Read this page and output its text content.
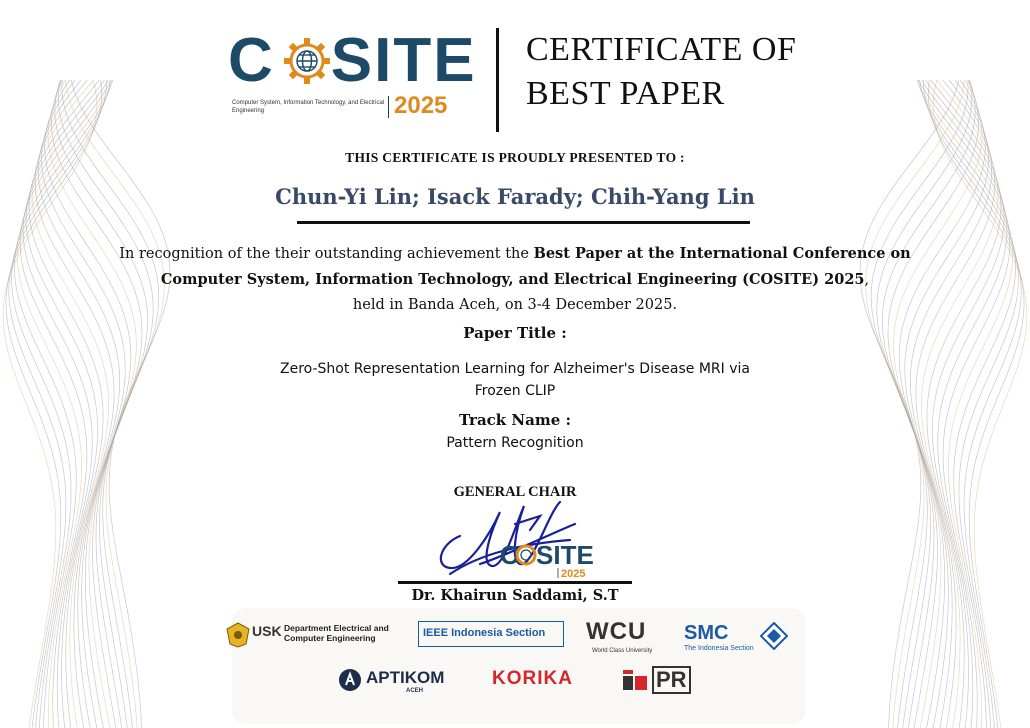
C SITE
Computer System, Information Technology, and Electrical Engineering	2025
CERTIFICATE OF
BEST PAPER
THIS CERTIFICATE IS PROUDLY PRESENTED TO :
Chun-Yi Lin; Isack Farady; Chih-Yang Lin
In recognition of the their outstanding achievement the Best Paper at the International Conference on Computer System, Information Technology, and Electrical Engineering (COSITE) 2025,
held in Banda Aceh, on 3-4 December 2025.
Paper Title :
Zero-Shot Representation Learning for Alzheimer's Disease MRI via Frozen CLIP
Track Name :
Pattern Recognition
GENERAL CHAIR
C SITE
2025
Dr. Khairun Saddami, S.T
USK Department Electrical and Computer Engineering	IEEE Indonesia Section WCU
World Class University
SMC
The Indonesia Section
APTIKOM
ACEH
KORIKA	PR
